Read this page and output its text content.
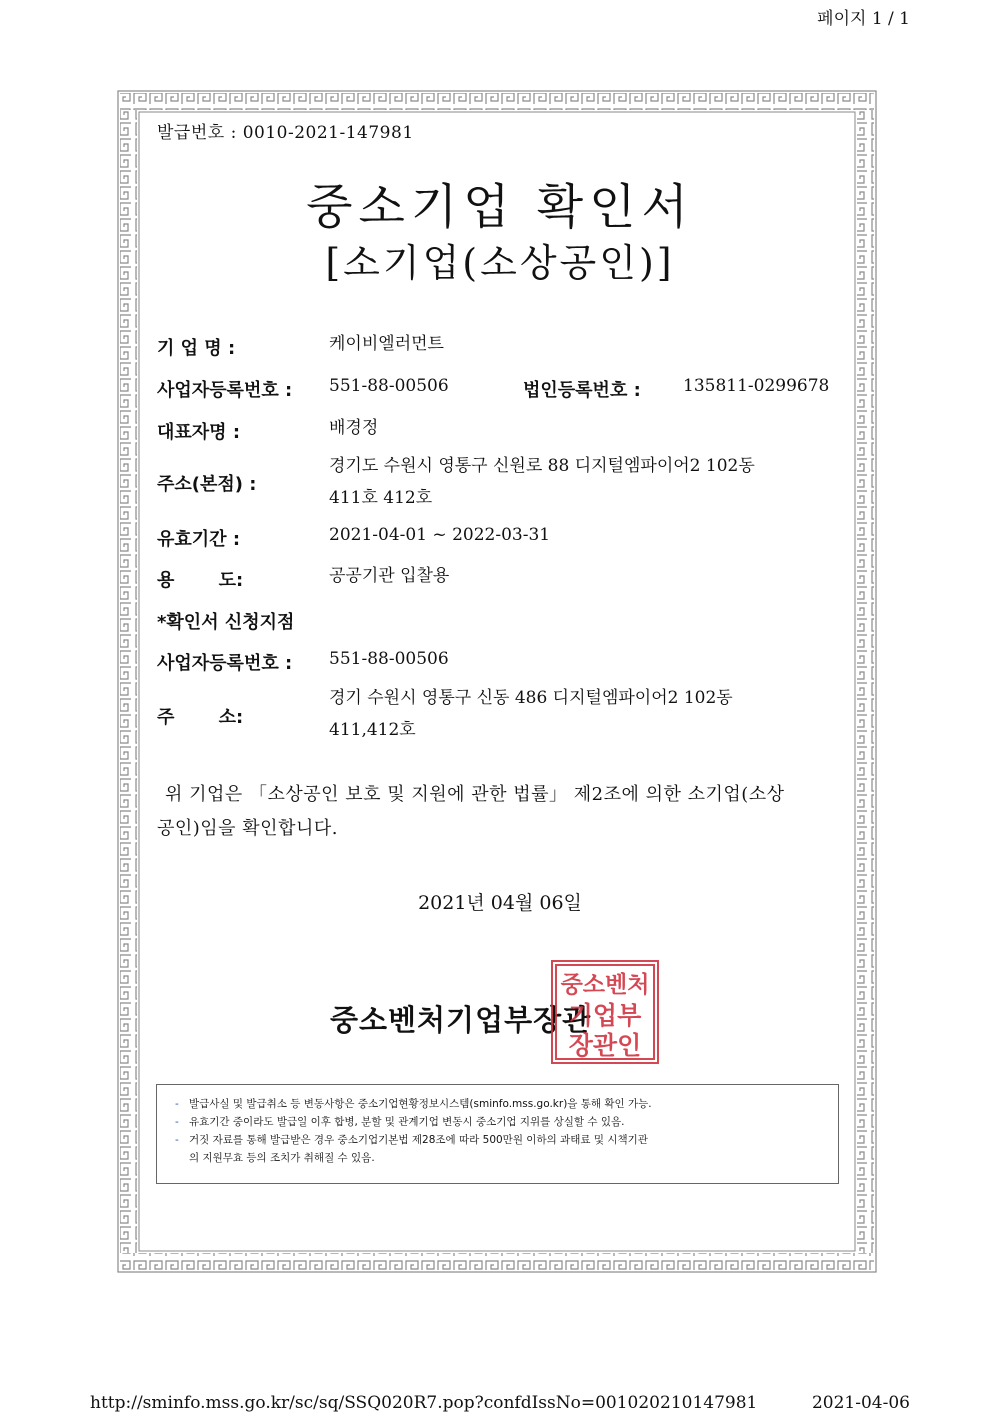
페이지 1 / 1
발급번호 : 0010-2021-147981
중소기업 확인서
[소기업(소상공인)]
기 업 명 :	케이비엘러먼트
사업자등록번호 : 551-88-00506	법인등록번호 : 135811-0299678
대표자명 :	배경정
주소(본점) :
경기도 수원시 영통구 신원로 88 디지털엠파이어2 102동
411호 412호
유효기간 :	2021-04-01 ~ 2022-03-31
용 도:	공공기관 입찰용
*확인서 신청지점
사업자등록번호 : 551-88-00506
주 소:
경기 수원시 영통구 신동 486 디지털엠파이어2 102동
411,412호
위 기업은 「소상공인 보호 및 지원에 관한 법률」 제2조에 의한 소기업(소상
공인)임을 확인합니다.
2021년 04월 06일
중소벤처기업부장관
중소벤처
기업부
장관인
- 발급사실 및 발급취소 등 변동사항은 중소기업현황정보시스템(sminfo.mss.go.kr)을 통해 확인 가능.
- 유효기간 중이라도 발급일 이후 합병, 분할 및 관계기업 변동시 중소기업 지위를 상실할 수 있음.
- 거짓 자료를 통해 발급받은 경우 중소기업기본법 제28조에 따라 500만원 이하의 과태료 및 시책기관
의 지원무효 등의 조치가 취해질 수 있음.
http://sminfo.mss.go.kr/sc/sq/SSQ020R7.pop?confdIssNo=001020210147981	2021-04-06
